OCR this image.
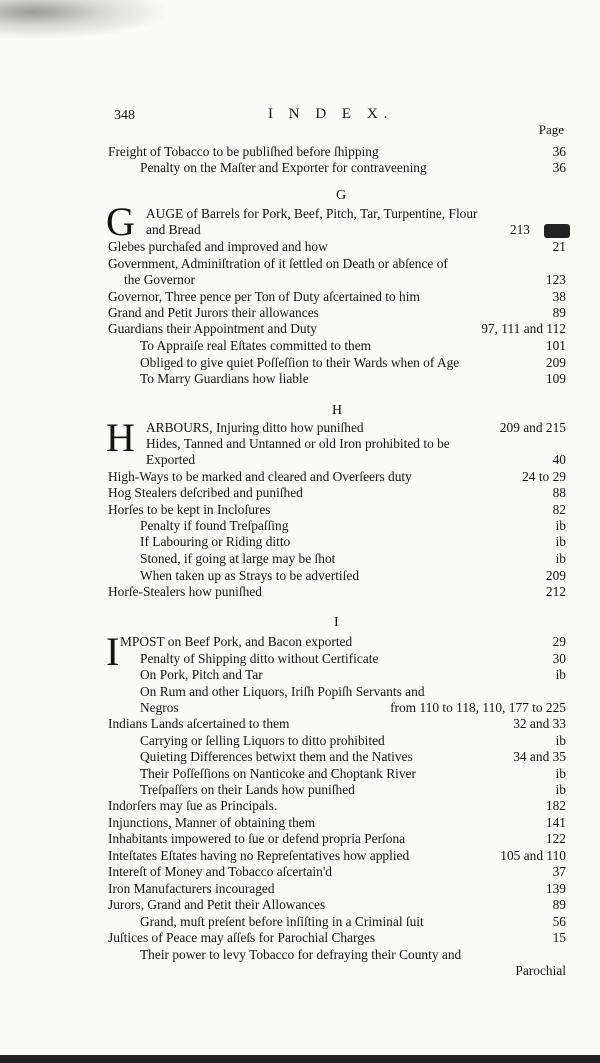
348	I N D E X.
Page
Freight of Tobacco to be publiſhed before ſhipping	36
Penalty on the Maſter and Exporter for contraveening	36
G
G AUGE of Barrels for Pork, Beef, Pitch, Tar, Turpentine, Flour
and Bread	213
Glebes purchaſed and improved and how	21
Government, Adminiſtration of it ſettled on Death or abſence of
the Governor	123
Governor, Three pence per Ton of Duty aſcertained to him	38
Grand and Petit Jurors their allowances	89
Guardians their Appointment and Duty	97, 111 and 112
To Appraiſe real Eſtates committed to them	101
Obliged to give quiet Poſſeſſion to their Wards when of Age	209
To Marry Guardians how liable	109
H
H ARBOURS, Injuring ditto how puniſhed	209 and 215
Hides, Tanned and Untanned or old Iron prohibited to be
Exported	40
High-Ways to be marked and cleared and Overſeers duty	24 to 29
Hog Stealers deſcribed and puniſhed	88
Horſes to be kept in Incloſures	82
Penalty if found Treſpaſſing	ib
If Labouring or Riding ditto	ib
Stoned, if going at large may be ſhot	ib
When taken up as Strays to be advertiſed	209
Horſe-Stealers how puniſhed	212
I
I MPOST on Beef Pork, and Bacon exported	29
Penalty of Shipping ditto without Certificate	30
On Pork, Pitch and Tar	ib
On Rum and other Liquors, Iriſh Popiſh Servants and
Negros	from 110 to 118, 110, 177 to 225
Indians Lands aſcertained to them	32 and 33
Carrying or ſelling Liquors to ditto prohibited	ib
Quieting Differences betwixt them and the Natives	34 and 35
Their Poſſeſſions on Nanticoke and Choptank River	ib
Treſpaſſers on their Lands how puniſhed	ib
Indorſers may ſue as Principals.	182
Injunctions, Manner of obtaining them	141
Inhabitants impowered to ſue or defend propria Perſona	122
Inteſtates Eſtates having no Repreſentatives how applied	105 and 110
Intereſt of Money and Tobacco aſcertain'd	37
Iron Manufacturers incouraged	139
Jurors, Grand and Petit their Allowances	89
Grand, muſt preſent before inſiſting in a Criminal ſuit	56
Juſtices of Peace may aſſeſs for Parochial Charges	15
Their power to levy Tobacco for defraying their County and
Parochial
